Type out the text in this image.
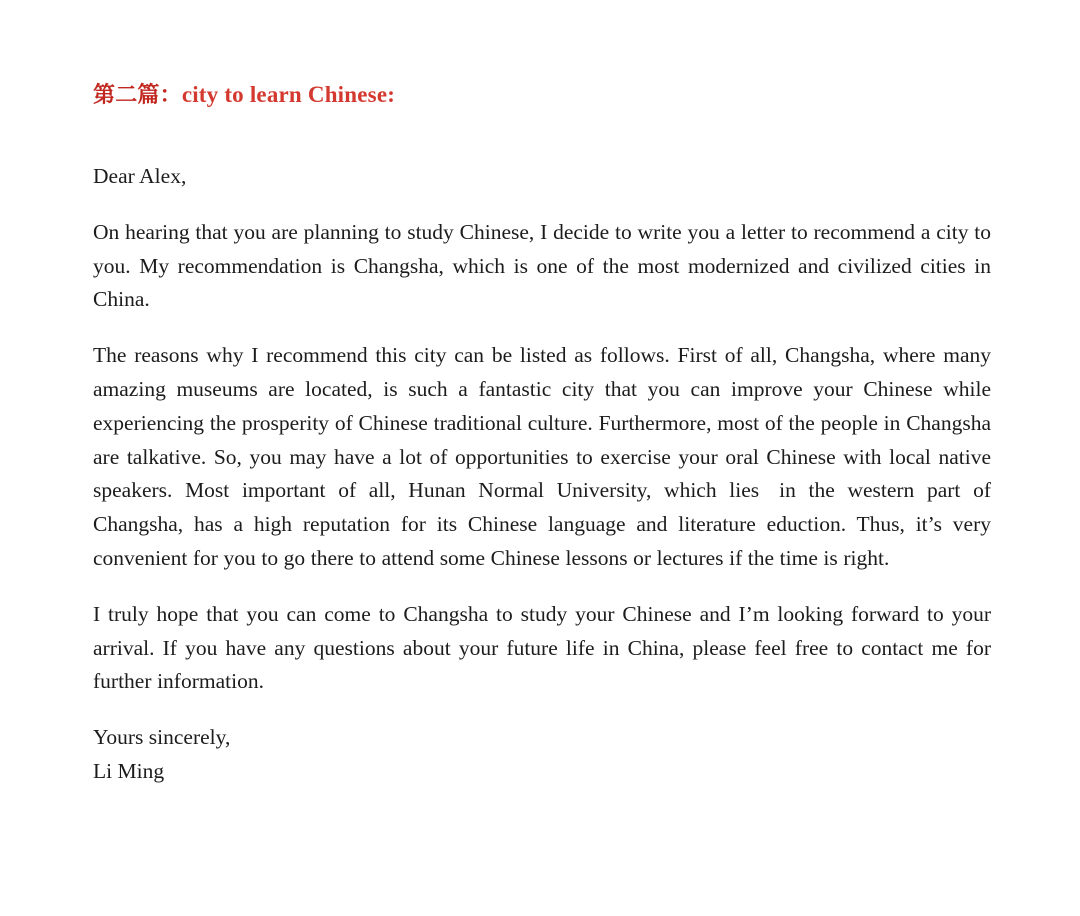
第二篇：city to learn Chinese:

Dear Alex,

On hearing that you are planning to study Chinese, I decide to write you a letter to recommend a city to you. My recommendation is Changsha, which is one of the most modernized and civilized cities in China.

The reasons why I recommend this city can be listed as follows. First of all, Changsha, where many amazing museums are located, is such a fantastic city that you can improve your Chinese while experiencing the prosperity of Chinese traditional culture. Furthermore, most of the people in Changsha are talkative. So, you may have a lot of opportunities to exercise your oral Chinese with local native speakers. Most important of all, Hunan Normal University, which lies in the western part of Changsha, has a high reputation for its Chinese language and literature eduction. Thus, it’s very convenient for you to go there to attend some Chinese lessons or lectures if the time is right.

I truly hope that you can come to Changsha to study your Chinese and I’m looking forward to your arrival. If you have any questions about your future life in China, please feel free to contact me for further information.

Yours sincerely,
Li Ming
